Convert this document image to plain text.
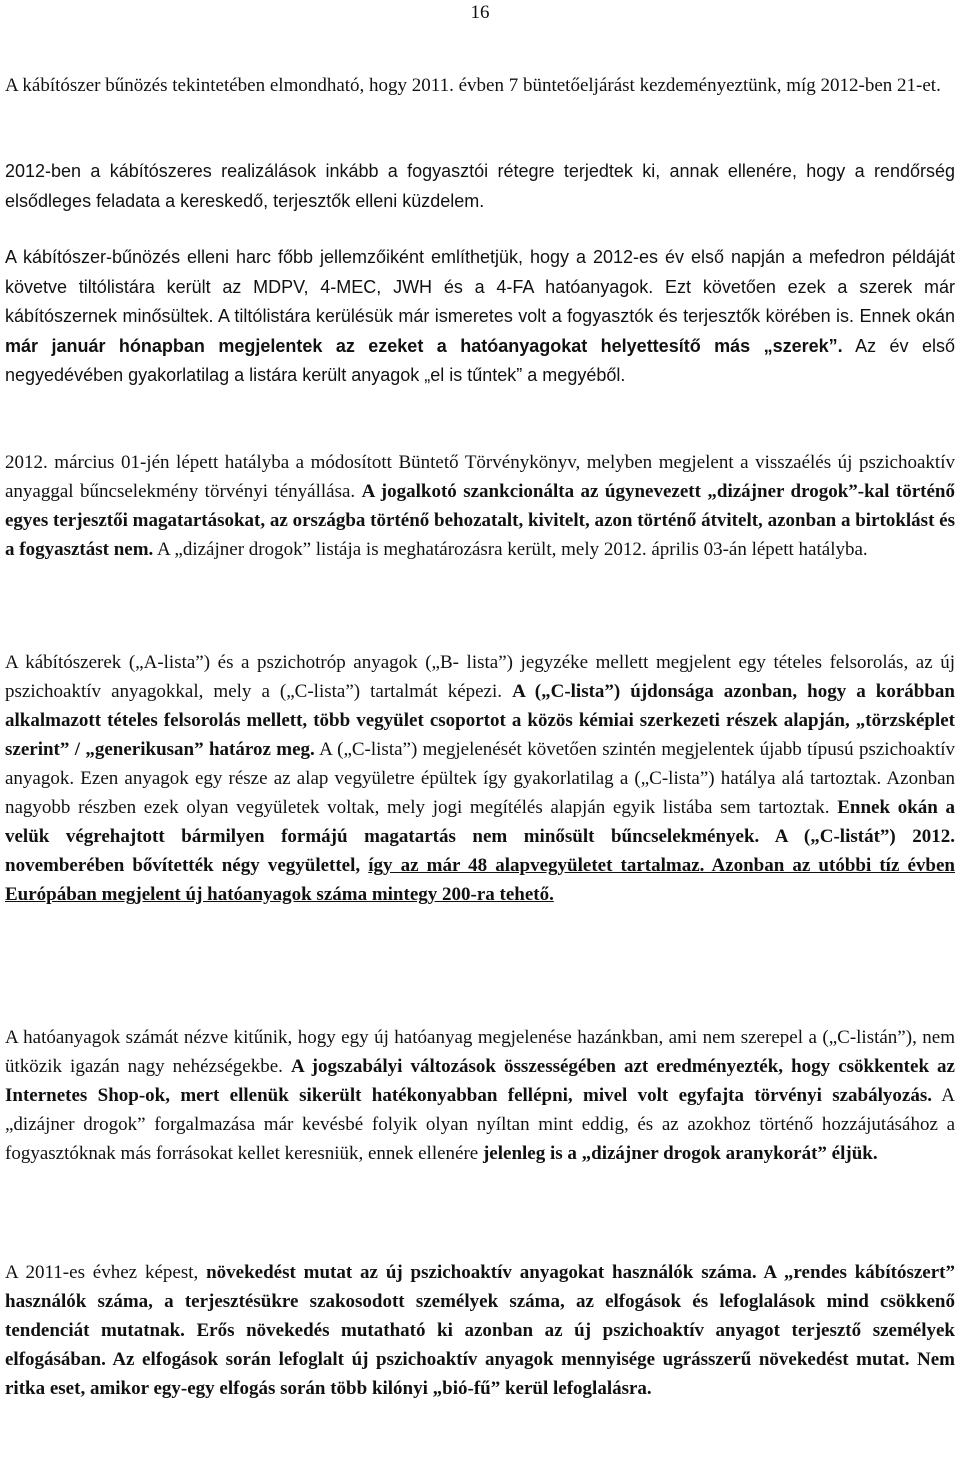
16

A kábítószer bűnözés tekintetében elmondható, hogy 2011. évben 7 büntetőeljárást kezdeményeztünk, míg 2012-ben 21-et.

2012-ben a kábítószeres realizálások inkább a fogyasztói rétegre terjedtek ki, annak ellenére, hogy a rendőrség elsődleges feladata a kereskedő, terjesztők elleni küzdelem.

A kábítószer-bűnözés elleni harc főbb jellemzőiként említhetjük, hogy a 2012-es év első napján a mefedron példáját követve tiltólistára került az MDPV, 4-MEC, JWH és a 4-FA hatóanyagok. Ezt követően ezek a szerek már kábítószernek minősültek. A tiltólistára kerülésük már ismeretes volt a fogyasztók és terjesztők körében is. Ennek okán már január hónapban megjelentek az ezeket a hatóanyagokat helyettesítő más „szerek”. Az év első negyedévében gyakorlatilag a listára került anyagok „el is tűntek” a megyéből.

2012. március 01-jén lépett hatályba a módosított Büntető Törvénykönyv, melyben megjelent a visszaélés új pszichoaktív anyaggal bűncselekmény törvényi tényállása. A jogalkotó szankcionálta az úgynevezett „dizájner drogok”-kal történő egyes terjesztői magatartásokat, az országba történő behozatalt, kivitelt, azon történő átvitelt, azonban a birtoklást és a fogyasztást nem. A „dizájner drogok” listája is meghatározásra került, mely 2012. április 03-án lépett hatályba.

A kábítószerek („A-lista”) és a pszichotróp anyagok („B- lista”) jegyzéke mellett megjelent egy tételes felsorolás, az új pszichoaktív anyagokkal, mely a („C-lista”) tartalmát képezi. A („C-lista”) újdonsága azonban, hogy a korábban alkalmazott tételes felsorolás mellett, több vegyület csoportot a közös kémiai szerkezeti részek alapján, „törzsképlet szerint” / „generikusan” határoz meg. A („C-lista”) megjelenését követően szintén megjelentek újabb típusú pszichoaktív anyagok. Ezen anyagok egy része az alap vegyületre épültek így gyakorlatilag a („C-lista”) hatálya alá tartoztak. Azonban nagyobb részben ezek olyan vegyületek voltak, mely jogi megítélés alapján egyik listába sem tartoztak. Ennek okán a velük végrehajtott bármilyen formájú magatartás nem minősült bűncselekmények. A („C-listát”) 2012. novemberében bővítették négy vegyülettel, így az már 48 alapvegyületet tartalmaz. Azonban az utóbbi tíz évben Európában megjelent új hatóanyagok száma mintegy 200-ra tehető.

A hatóanyagok számát nézve kitűnik, hogy egy új hatóanyag megjelenése hazánkban, ami nem szerepel a („C-listán”), nem ütközik igazán nagy nehézségekbe. A jogszabályi változások összességében azt eredményezték, hogy csökkentek az Internetes Shop-ok, mert ellenük sikerült hatékonyabban fellépni, mivel volt egyfajta törvényi szabályozás. A „dizájner drogok” forgalmazása már kevésbé folyik olyan nyíltan mint eddig, és az azokhoz történő hozzájutásához a fogyasztóknak más forrásokat kellet keresniük, ennek ellenére jelenleg is a „dizájner drogok aranykorát” éljük.

A 2011-es évhez képest, növekedést mutat az új pszichoaktív anyagokat használók száma. A „rendes kábítószert” használók száma, a terjesztésükre szakosodott személyek száma, az elfogások és lefoglalások mind csökkenő tendenciát mutatnak. Erős növekedés mutatható ki azonban az új pszichoaktív anyagot terjesztő személyek elfogásában. Az elfogások során lefoglalt új pszichoaktív anyagok mennyisége ugrásszerű növekedést mutat. Nem ritka eset, amikor egy-egy elfogás során több kilónyi „bió-fű” kerül lefoglalásra.
